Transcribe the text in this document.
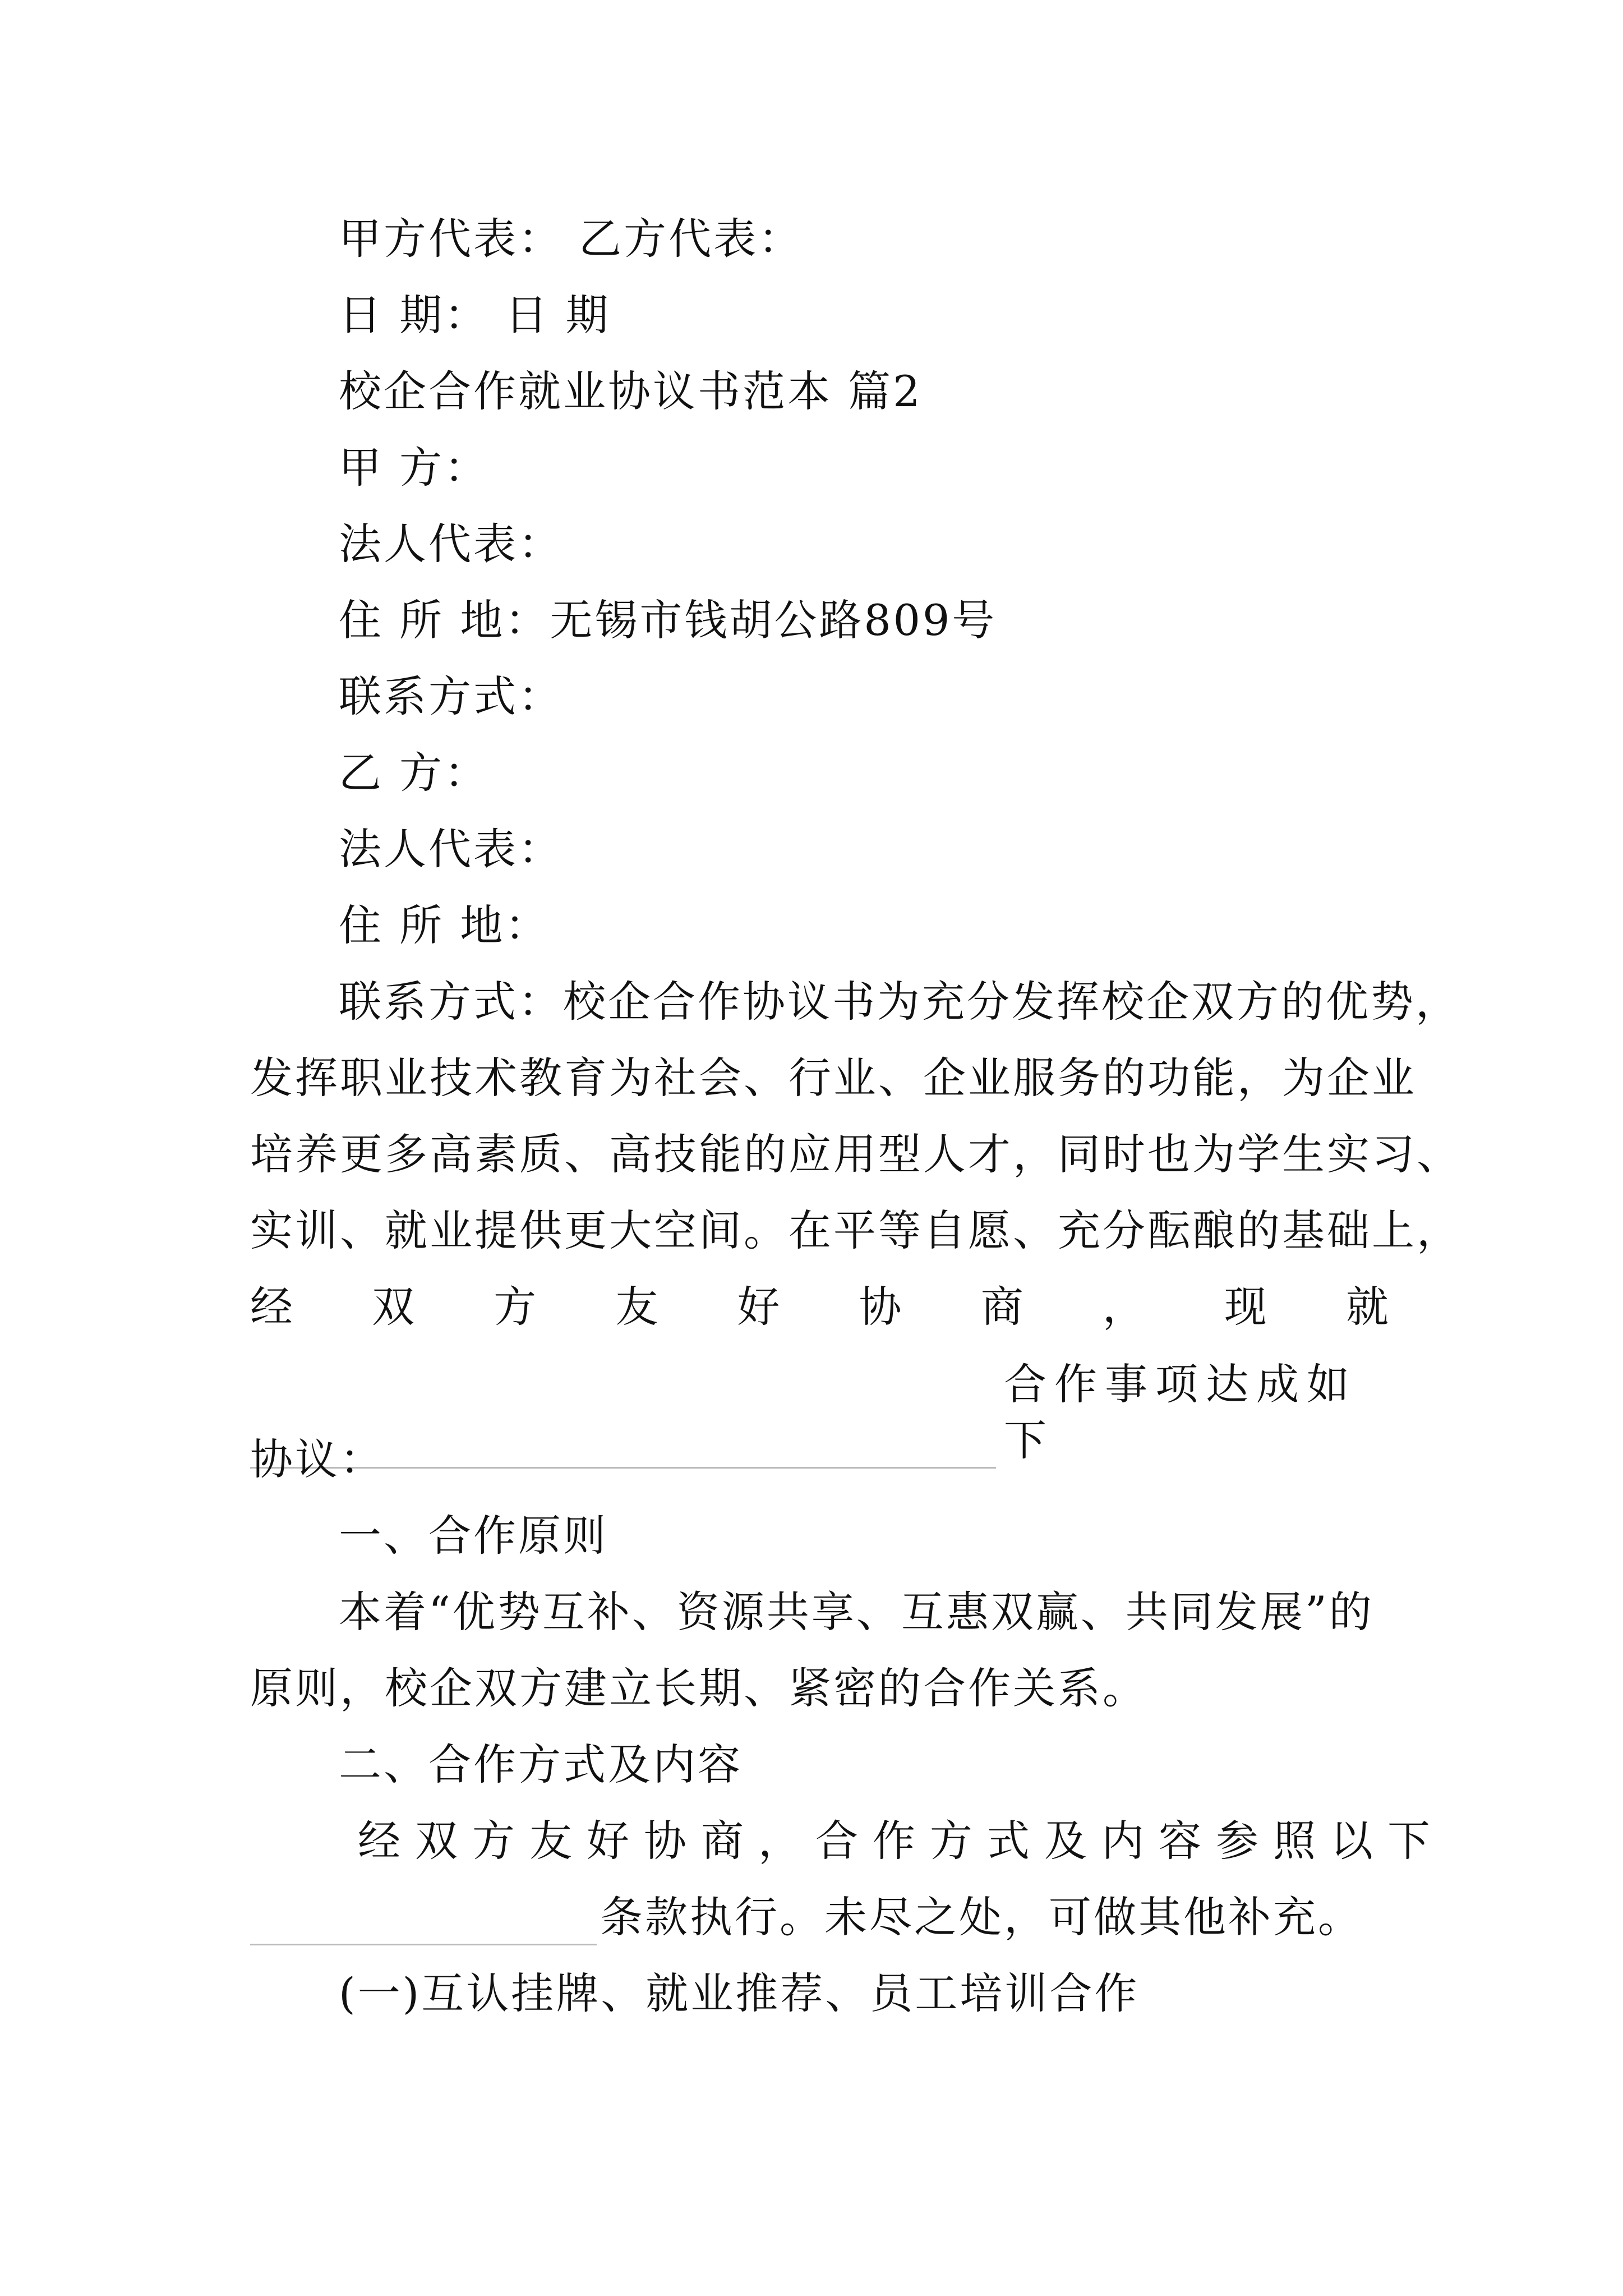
甲方代表： 乙方代表：
日 期： 日 期
校企合作就业协议书范本 篇2
甲 方：
法人代表：
住 所 地：无锡市钱胡公路809号
联系方式：
乙 方：
法人代表：
住 所 地：
联系方式：校企合作协议书为充分发挥校企双方的优势，
发挥职业技术教育为社会、行业、企业服务的功能，为企业
培养更多高素质、高技能的应用型人才，同时也为学生实习、
实训、就业提供更大空间。在平等自愿、充分酝酿的基础上，
经 双 方 友 好 协 商 ， 现 就
合作事项达成如下
协议：
一、合作原则
本着“优势互补、资源共享、互惠双赢、共同发展”的
原则，校企双方建立长期、紧密的合作关系。
二、合作方式及内容
经双方友好协商，合作方式及内容参照以下
条款执行。未尽之处，可做其他补充。
(一)互认挂牌、就业推荐、员工培训合作
